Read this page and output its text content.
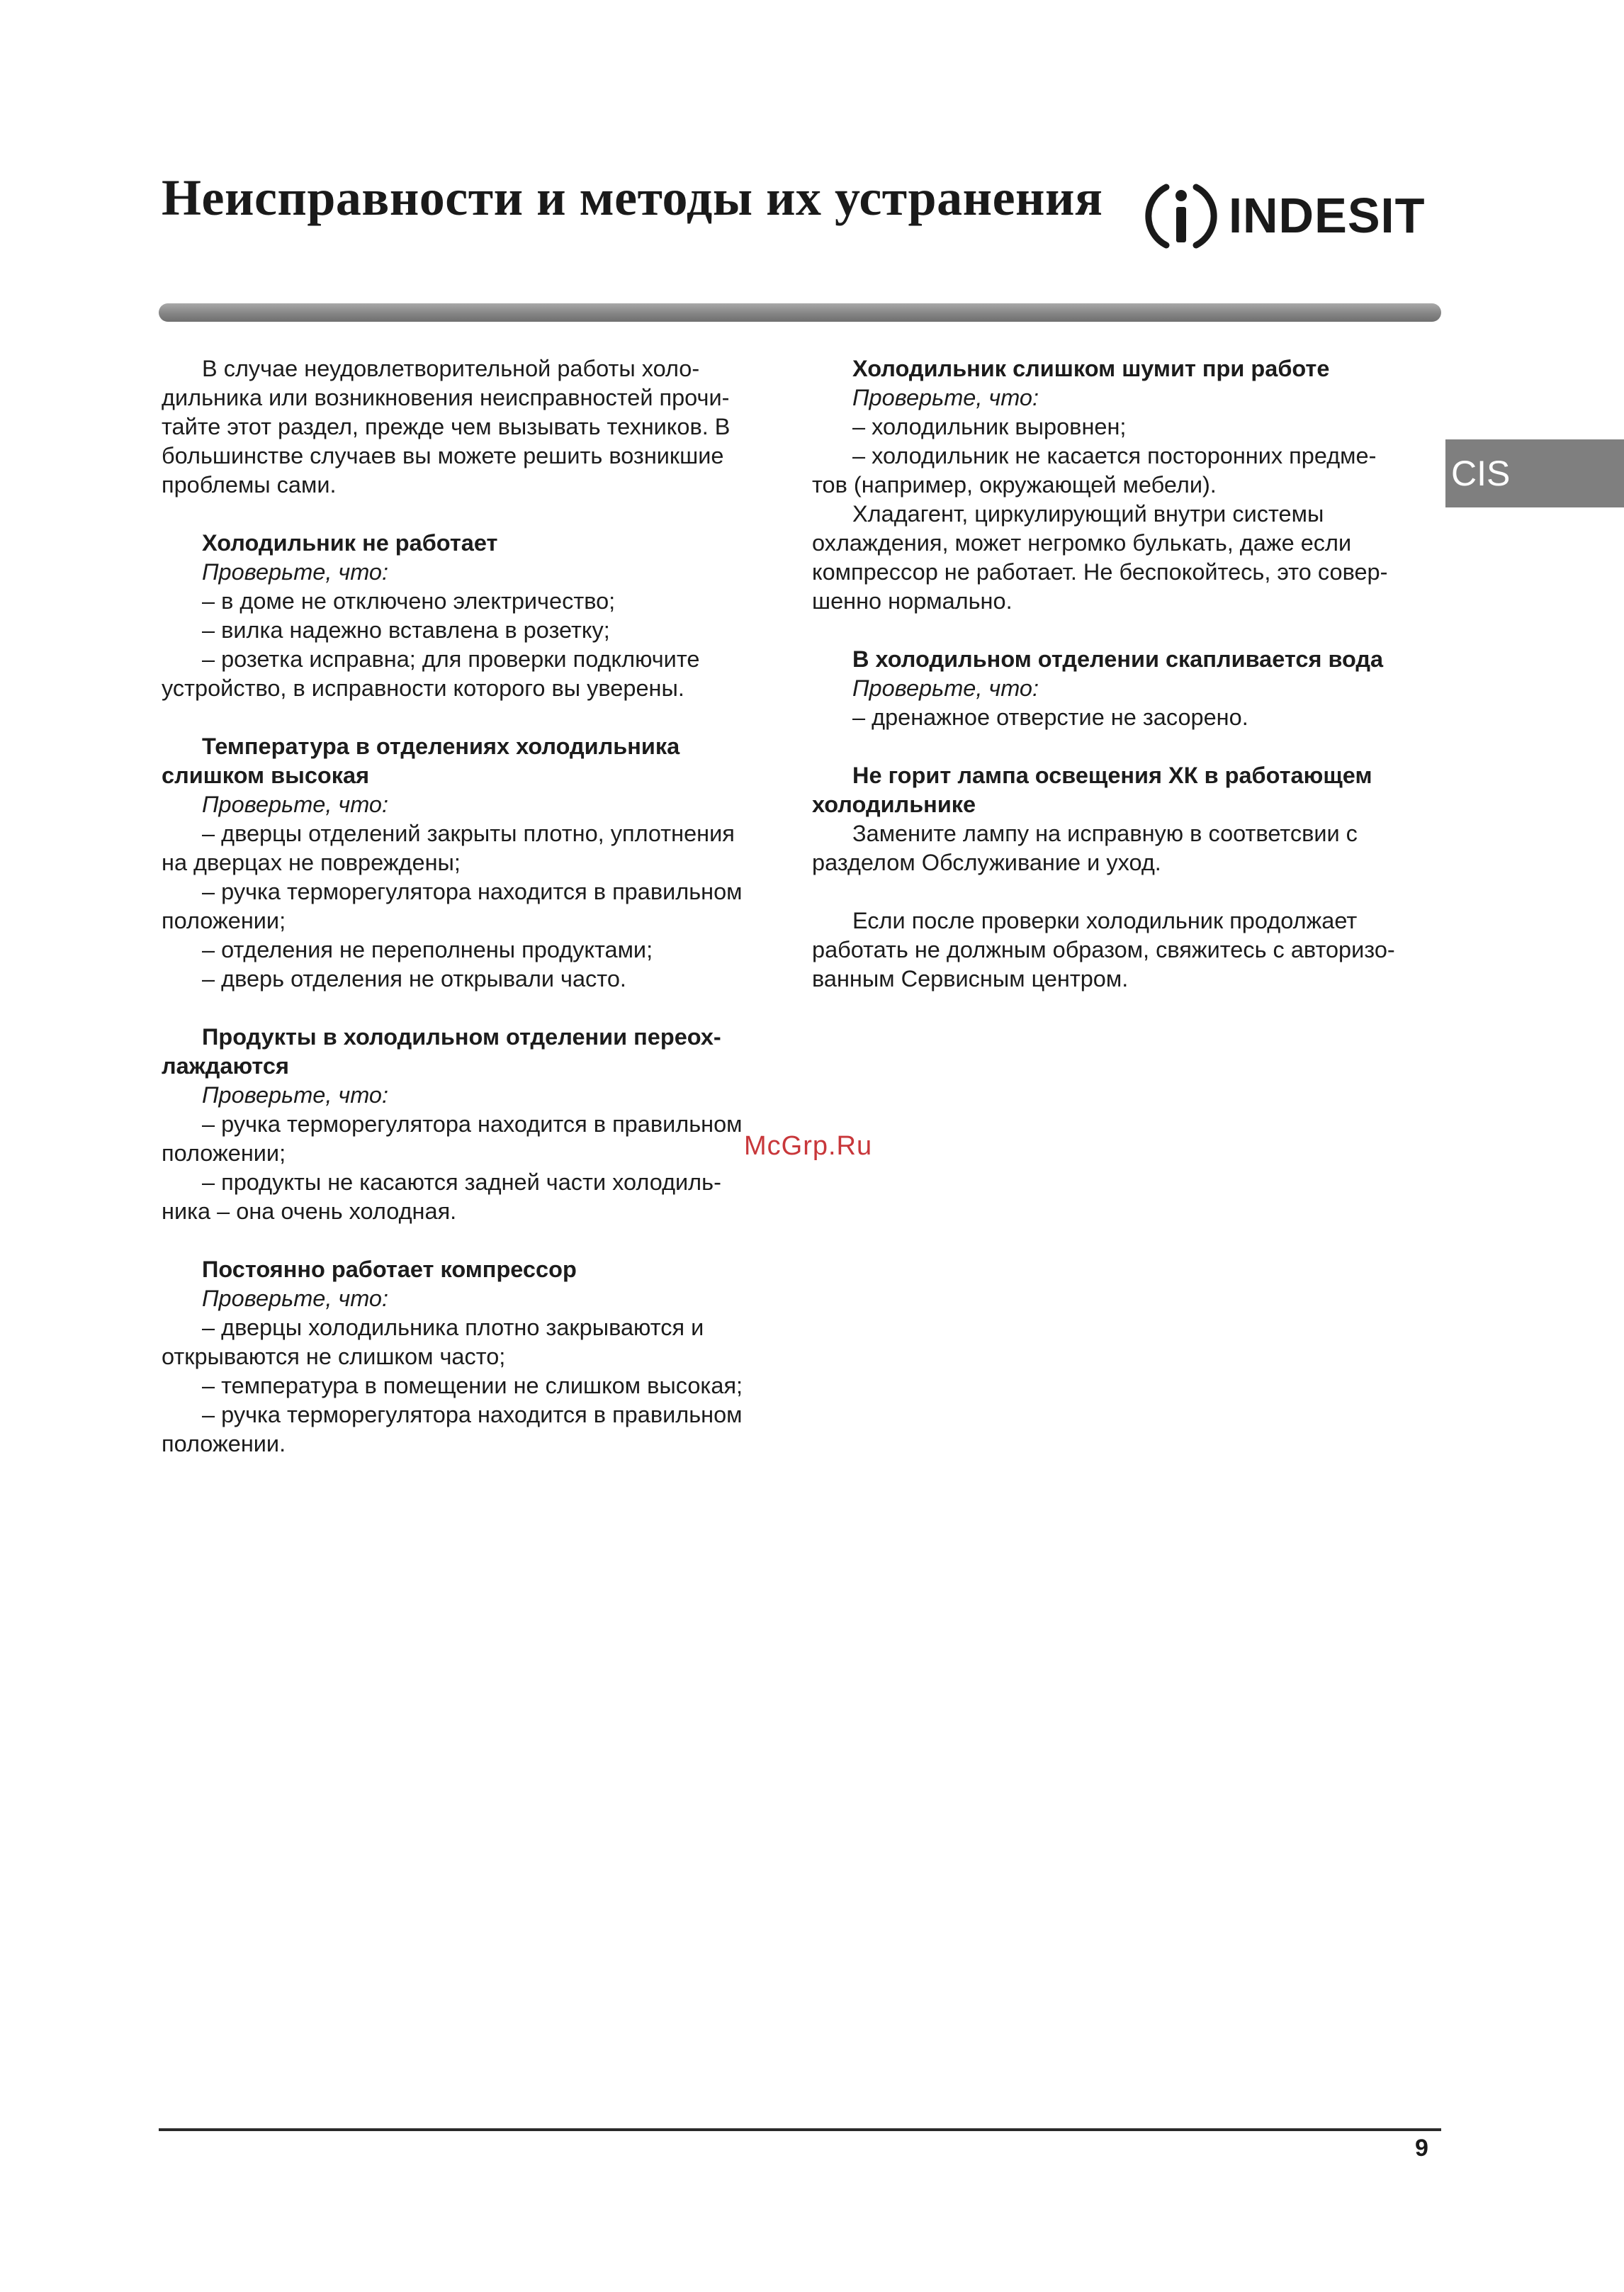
Неисправности и методы их устранения	INDESIT
CIS

В случае неудовлетворительной работы холо-

дильника или возникновения неисправностей прочи-

тайте этот раздел, прежде чем вызывать техников. В

большинстве случаев вы можете решить возникшие

проблемы сами.

Холодильник не работает

Проверьте, что:

– в доме не отключено электричество;

– вилка надежно вставлена в розетку;

– розетка исправна; для проверки подключите

устройство, в исправности которого вы уверены.

Температура в отделениях холодильника

слишком высокая

Проверьте, что:

– дверцы отделений закрыты плотно, уплотнения

на дверцах не повреждены;

– ручка терморегулятора находится в правильном

положении;

– отделения не переполнены продуктами;

– дверь отделения не открывали часто.

Продукты в холодильном отделении переох-

лаждаются

Проверьте, что:

– ручка терморегулятора находится в правильном

положении;

– продукты не касаются задней части холодиль-

ника – она очень холодная.

Постоянно работает компрессор

Проверьте, что:

– дверцы холодильника плотно закрываются и

открываются не слишком часто;

– температура в помещении не слишком высокая;

– ручка терморегулятора находится в правильном

положении.

Холодильник слишком шумит при работе

Проверьте, что:

– холодильник выровнен;

– холодильник не касается посторонних предме-

тов (например, окружающей мебели).

Хладагент, циркулирующий внутри системы

охлаждения, может негромко булькать, даже если

компрессор не работает. Не беспокойтесь, это совер-

шенно нормально.

В холодильном отделении скапливается вода

Проверьте, что:

– дренажное отверстие не засорено.

Не горит лампа освещения ХК в работающем

холодильнике

Замените лампу на исправную в соответсвии с

разделом Обслуживание и уход.

Если после проверки холодильник продолжает

работать не должным образом, свяжитесь с авторизо-

ванным Сервисным центром.

McGrp.Ru
9
